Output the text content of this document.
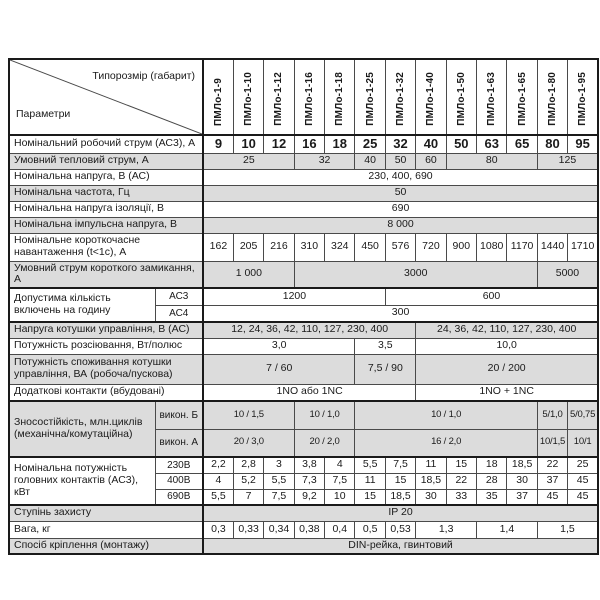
Типорозмір (габарит)
Параметри		ПМЛо-1-9	ПМЛо-1-10	ПМЛо-1-12	ПМЛо-1-16	ПМЛо-1-18	ПМЛо-1-25	ПМЛо-1-32	ПМЛо-1-40	ПМЛо-1-50	ПМЛо-1-63	ПМЛо-1-65	ПМЛо-1-80	ПМЛо-1-95
Номінальний робочий струм (АС3), А		9	10	12	16	18	25	32	40	50	63	65	80	95
Умовний тепловий струм, А		25			32		40	50	60	80			125	
Номінальна напруга, В (АС)		230, 400, 690												
Номінальна частота, Гц		50												
Номінальна напруга ізоляції, В		690												
Номінальна імпульсна напруга, В		8 000												
Номінальне короткочасне навантаження (t<1с), А		162	205	216	310	324	450	576	720	900	1080	1170	1440	1710
Умовний струм короткого замикання, А		1 000			3000								5000	
Допустима кількість включень на годину	АС3	1200						600						
	АС4	300												
Напруга котушки управління, В (АС)		12, 24, 36, 42, 110, 127, 230, 400							24, 36, 42, 110, 127, 230, 400					
Потужність розсіювання, Вт/полюс		3,0					3,5		10,0					
Потужність споживання котушки управління, ВА (робоча/пускова)		7 / 60					7,5 / 90		20 / 200					
Додаткові контакти (вбудовані)		1NO або 1NC							1NO + 1NC					
Зносостійкість, млн.циклів (механічна/комутаційна)	викон. Б	10 / 1,5			10 / 1,0		10 / 1,0						5/1,0	5/0,75
	викон. А	20 / 3,0			20 / 2,0		16 / 2,0						10/1,5	10/1
Номінальна потужність головних контактів (АС3), кВт	230В	2,2	2,8	3	3,8	4	5,5	7,5	11	15	18	18,5	22	25
	400В	4	5,2	5,5	7,3	7,5	11	15	18,5	22	28	30	37	45
	690В	5,5	7	7,5	9,2	10	15	18,5	30	33	35	37	45	45
Ступінь захисту		IP 20												
Вага, кг		0,3	0,33	0,34	0,38	0,4	0,5	0,53	1,3		1,4		1,5	
Спосіб кріплення (монтажу)		DIN-рейка, гвинтовий												
